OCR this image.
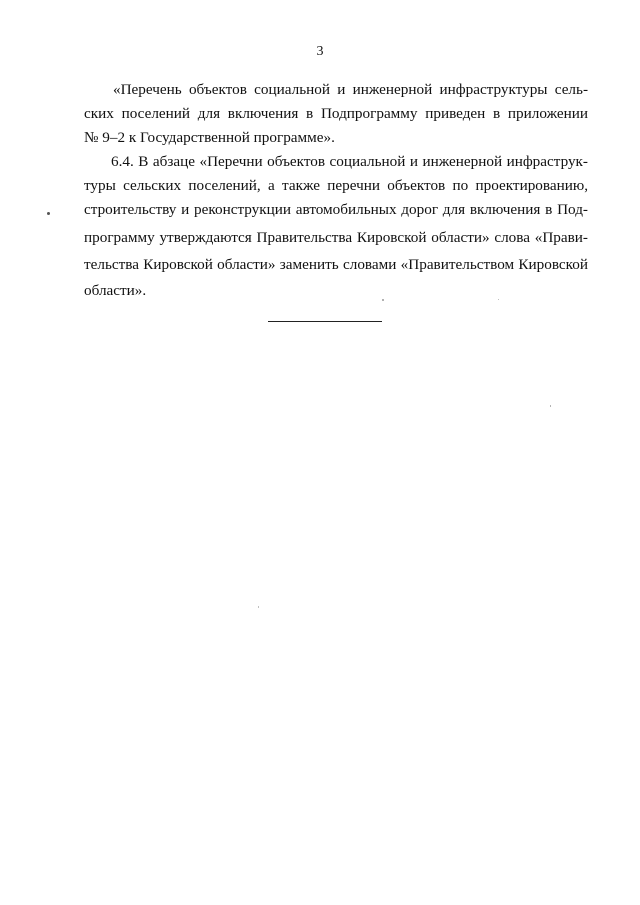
3
«Перечень объектов социальной и инженерной инфраструктуры сель-
ских поселений для включения в Подпрограмму приведен в приложении
№ 9–2 к Государственной программе».
6.4. В абзаце «Перечни объектов социальной и инженерной инфраструк-
туры сельских поселений, а также перечни объектов по проектированию,
строительству и реконструкции автомобильных дорог для включения в Под-
программу утверждаются Правительства Кировской области» слова «Прави-
тельства Кировской области» заменить словами «Правительством Кировской
области».
